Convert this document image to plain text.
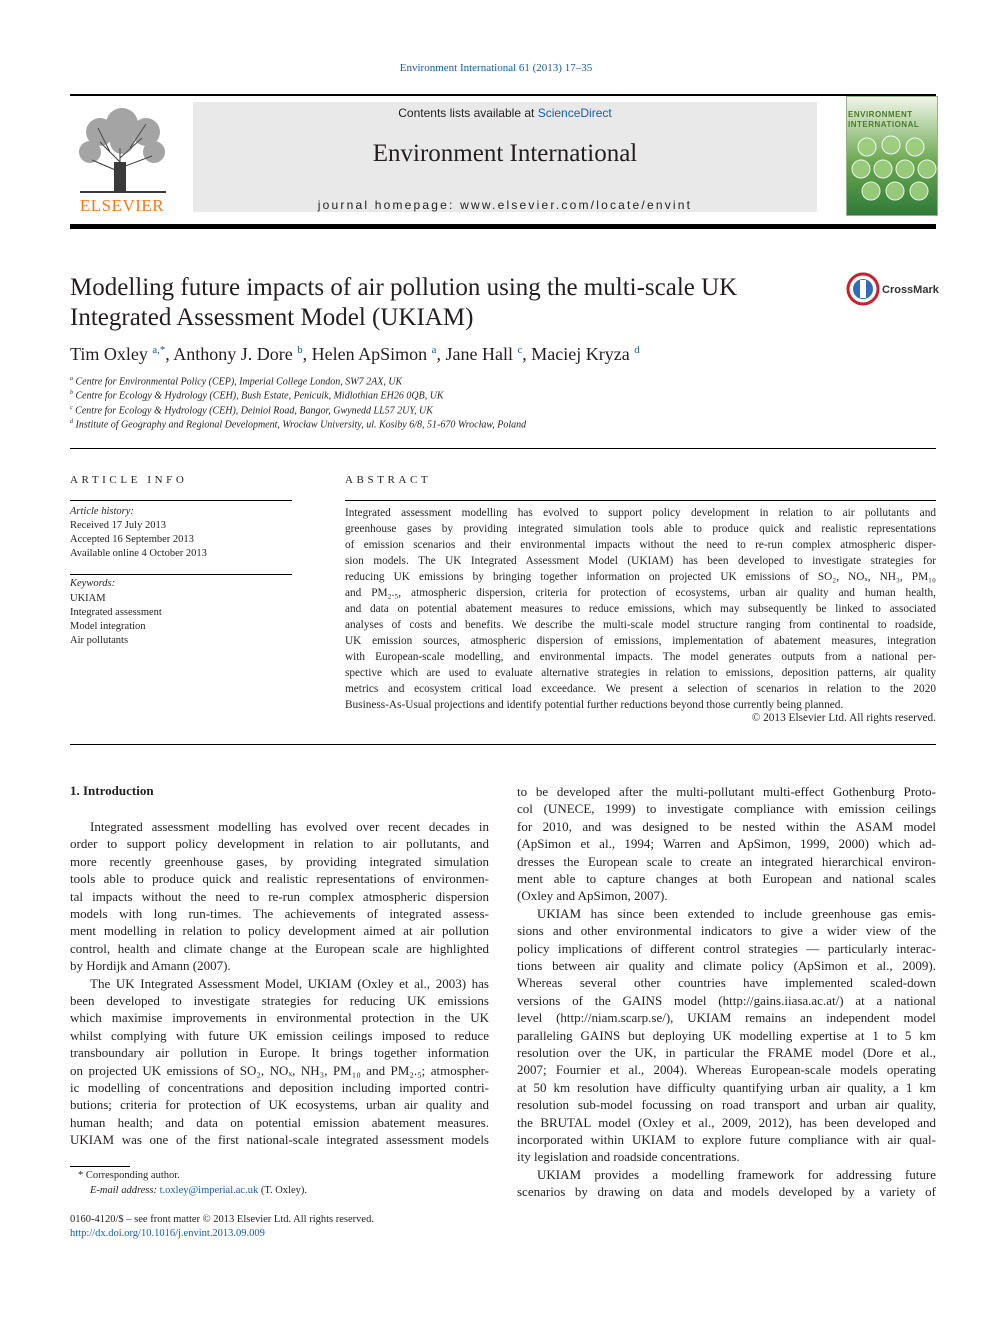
Environment International 61 (2013) 17–35
ELSEVIER
Contents lists available at ScienceDirect
Environment International
journal homepage: www.elsevier.com/locate/envint
ENVIRONMENT
INTERNATIONAL
Modelling future impacts of air pollution using the multi-scale UK
Integrated Assessment Model (UKIAM)
CrossMark
Tim Oxley $^{a,*}$, Anthony J. Dore $^b$, Helen ApSimon $^a$, Jane Hall $^c$, Maciej Kryza $^d$
$^a$ Centre for Environmental Policy (CEP), Imperial College London, SW7 2AX, UK
$^b$ Centre for Ecology & Hydrology (CEH), Bush Estate, Penicuik, Midlothian EH26 0QB, UK
$^c$ Centre for Ecology & Hydrology (CEH), Deiniol Road, Bangor, Gwynedd LL57 2UY, UK
$^d$ Institute of Geography and Regional Development, Wrocław University, ul. Kosiby 6/8, 51-670 Wrocław, Poland
ARTICLE INFO
Article history:
Received 17 July 2013
Accepted 16 September 2013
Available online 4 October 2013
Keywords:
UKIAM
Integrated assessment
Model integration
Air pollutants
ABSTRACT
Integrated assessment modelling has evolved to support policy development in relation to air pollutants and
greenhouse gases by providing integrated simulation tools able to produce quick and realistic representations
of emission scenarios and their environmental impacts without the need to re-run complex atmospheric disper-
sion models. The UK Integrated Assessment Model (UKIAM) has been developed to investigate strategies for
reducing UK emissions by bringing together information on projected UK emissions of SO₂, NOₓ, NH₃, PM₁₀
and PM₂.₅, atmospheric dispersion, criteria for protection of ecosystems, urban air quality and human health,
and data on potential abatement measures to reduce emissions, which may subsequently be linked to associated
analyses of costs and benefits. We describe the multi-scale model structure ranging from continental to roadside,
UK emission sources, atmospheric dispersion of emissions, implementation of abatement measures, integration
with European-scale modelling, and environmental impacts. The model generates outputs from a national per-
spective which are used to evaluate alternative strategies in relation to emissions, deposition patterns, air quality
metrics and ecosystem critical load exceedance. We present a selection of scenarios in relation to the 2020
Business-As-Usual projections and identify potential further reductions beyond those currently being planned.
© 2013 Elsevier Ltd. All rights reserved.
1. Introduction
Integrated assessment modelling has evolved over recent decades in
order to support policy development in relation to air pollutants, and
more recently greenhouse gases, by providing integrated simulation
tools able to produce quick and realistic representations of environmen-
tal impacts without the need to re-run complex atmospheric dispersion
models with long run-times. The achievements of integrated assess-
ment modelling in relation to policy development aimed at air pollution
control, health and climate change at the European scale are highlighted
by Hordijk and Amann (2007).
The UK Integrated Assessment Model, UKIAM (Oxley et al., 2003) has
been developed to investigate strategies for reducing UK emissions
which maximise improvements in environmental protection in the UK
whilst complying with future UK emission ceilings imposed to reduce
transboundary air pollution in Europe. It brings together information
on projected UK emissions of SO₂, NOₓ, NH₃, PM₁₀ and PM₂.₅; atmospher-
ic modelling of concentrations and deposition including imported contri-
butions; criteria for protection of UK ecosystems, urban air quality and
human health; and data on potential emission abatement measures.
UKIAM was one of the first national-scale integrated assessment models
to be developed after the multi-pollutant multi-effect Gothenburg Proto-
col (UNECE, 1999) to investigate compliance with emission ceilings
for 2010, and was designed to be nested within the ASAM model
(ApSimon et al., 1994; Warren and ApSimon, 1999, 2000) which ad-
dresses the European scale to create an integrated hierarchical environ-
ment able to capture changes at both European and national scales
(Oxley and ApSimon, 2007).
UKIAM has since been extended to include greenhouse gas emis-
sions and other environmental indicators to give a wider view of the
policy implications of different control strategies — particularly interac-
tions between air quality and climate policy (ApSimon et al., 2009).
Whereas several other countries have implemented scaled-down
versions of the GAINS model (http://gains.iiasa.ac.at/) at a national
level (http://niam.scarp.se/), UKIAM remains an independent model
paralleling GAINS but deploying UK modelling expertise at 1 to 5 km
resolution over the UK, in particular the FRAME model (Dore et al.,
2007; Fournier et al., 2004). Whereas European-scale models operating
at 50 km resolution have difficulty quantifying urban air quality, a 1 km
resolution sub-model focussing on road transport and urban air quality,
the BRUTAL model (Oxley et al., 2009, 2012), has been developed and
incorporated within UKIAM to explore future compliance with air qual-
ity legislation and roadside concentrations.
UKIAM provides a modelling framework for addressing future
scenarios by drawing on data and models developed by a variety of
* Corresponding author.
E-mail address: t.oxley@imperial.ac.uk (T. Oxley).
0160-4120/$ – see front matter © 2013 Elsevier Ltd. All rights reserved.
http://dx.doi.org/10.1016/j.envint.2013.09.009
